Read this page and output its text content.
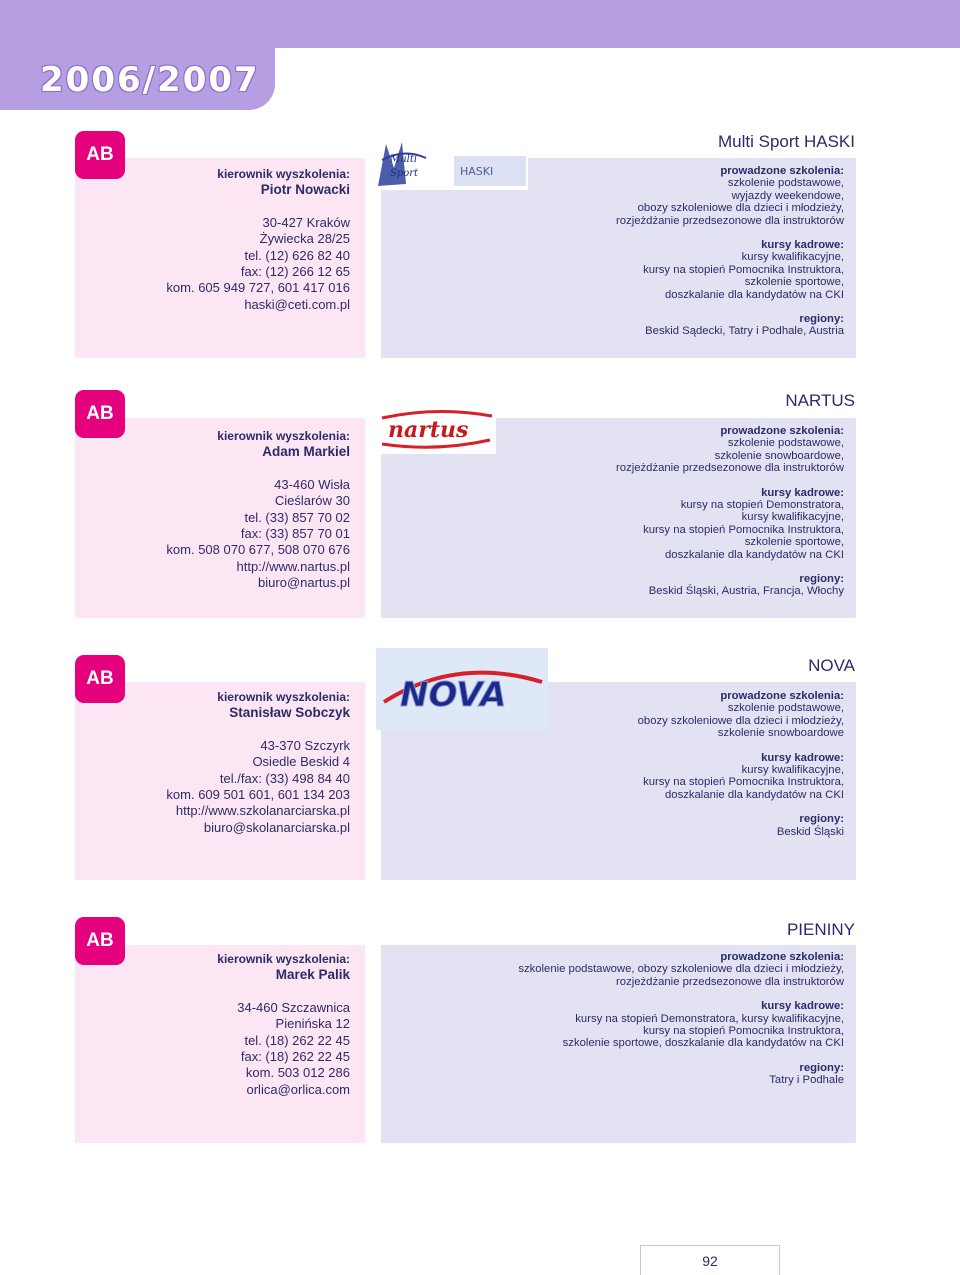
2006/2007
AB	Multi
Sport	HASKI
Multi Sport HASKI
kierownik wyszkolenia:
Piotr Nowacki
30-427 Kraków
Żywiecka 28/25
tel. (12) 626 82 40
fax: (12) 266 12 65
kom. 605 949 727, 601 417 016
haski@ceti.com.pl
prowadzone szkolenia:
szkolenie podstawowe,
wyjazdy weekendowe,
obozy szkoleniowe dla dzieci i młodzieży,
rozjeżdżanie przedsezonowe dla instruktorów
kursy kadrowe:
kursy kwalifikacyjne,
kursy na stopień Pomocnika Instruktora,
szkolenie sportowe,
doszkalanie dla kandydatów na CKI
regiony:
Beskid Sądecki, Tatry i Podhale, Austria
AB
nartus
NARTUS
kierownik wyszkolenia:
Adam Markiel
43-460 Wisła
Cieślarów 30
tel. (33) 857 70 02
fax: (33) 857 70 01
kom. 508 070 677, 508 070 676
http://www.nartus.pl
biuro@nartus.pl
prowadzone szkolenia:
szkolenie podstawowe,
szkolenie snowboardowe,
rozjeżdżanie przedsezonowe dla instruktorów
kursy kadrowe:
kursy na stopień Demonstratora,
kursy kwalifikacyjne,
kursy na stopień Pomocnika Instruktora,
szkolenie sportowe,
doszkalanie dla kandydatów na CKI
regiony:
Beskid Śląski, Austria, Francja, Włochy
AB	NOVA
NOVA
kierownik wyszkolenia:
Stanisław Sobczyk
43-370 Szczyrk
Osiedle Beskid 4
tel./fax: (33) 498 84 40
kom. 609 501 601, 601 134 203
http://www.szkolanarciarska.pl
biuro@skolanarciarska.pl
prowadzone szkolenia:
szkolenie podstawowe,
obozy szkoleniowe dla dzieci i młodzieży,
szkolenie snowboardowe
kursy kadrowe:
kursy kwalifikacyjne,
kursy na stopień Pomocnika Instruktora,
doszkalanie dla kandydatów na CKI
regiony:
Beskid Śląski
AB
PIENINY
kierownik wyszkolenia:
Marek Palik
34-460 Szczawnica
Pienińska 12
tel. (18) 262 22 45
fax: (18) 262 22 45
kom. 503 012 286
orlica@orlica.com
prowadzone szkolenia:
szkolenie podstawowe, obozy szkoleniowe dla dzieci i młodzieży,
rozjeżdżanie przedsezonowe dla instruktorów
kursy kadrowe:
kursy na stopień Demonstratora, kursy kwalifikacyjne,
kursy na stopień Pomocnika Instruktora,
szkolenie sportowe, doszkalanie dla kandydatów na CKI
regiony:
Tatry i Podhale
92
